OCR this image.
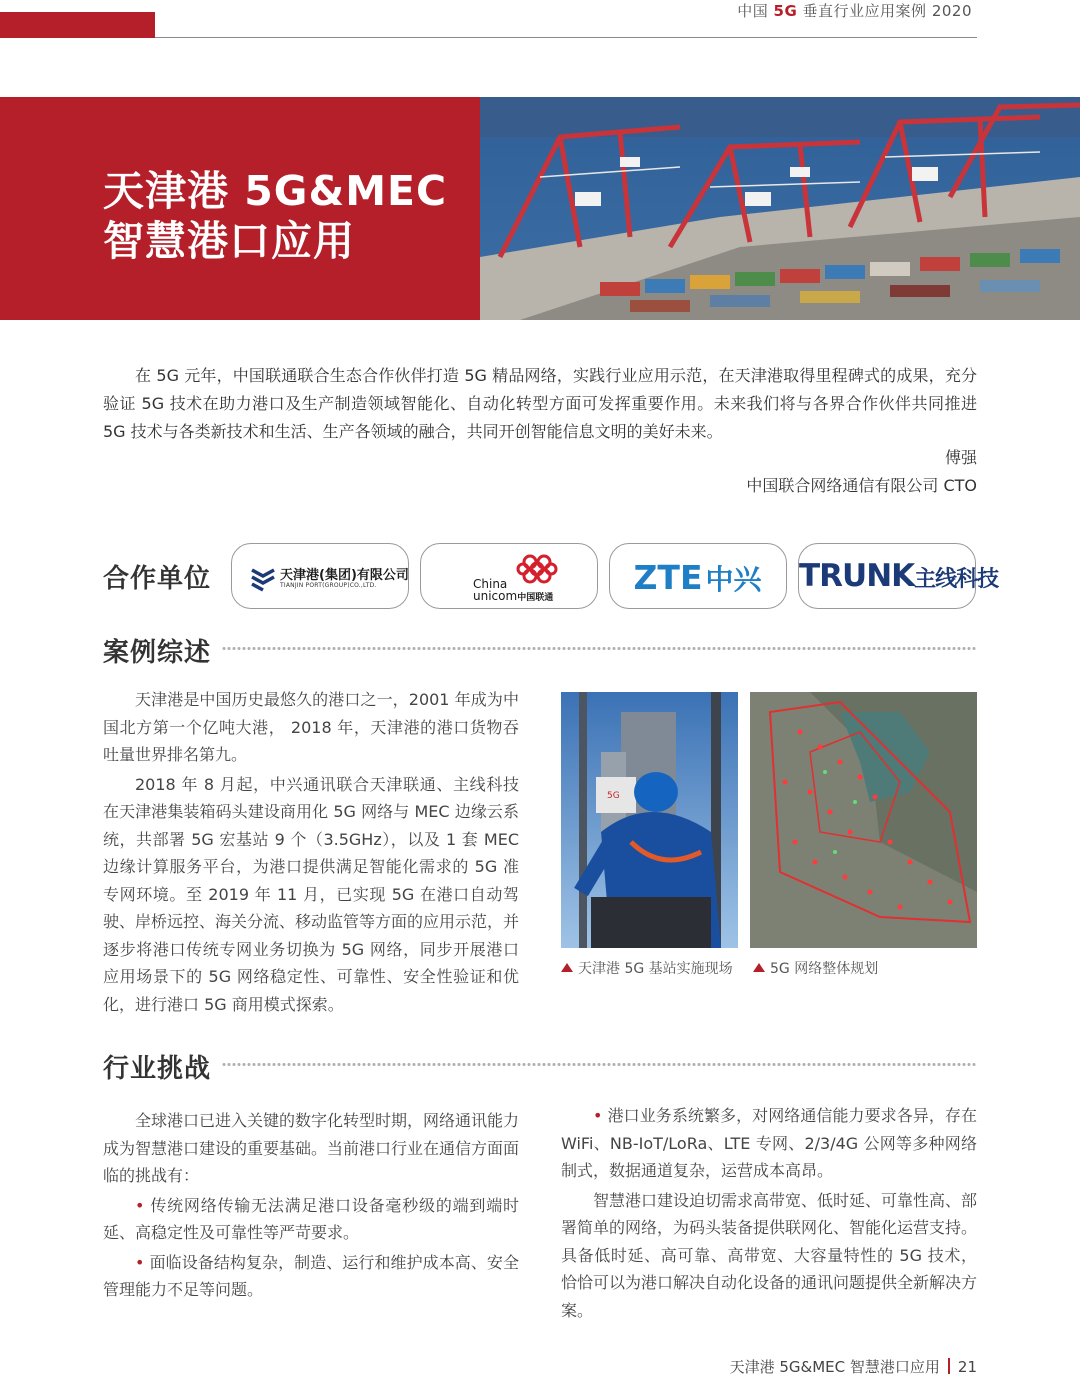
中国 5G 垂直行业应用案例 2020
天津港 5G&MEC
智慧港口应用

在 5G 元年，中国联通联合生态合作伙伴打造 5G 精品网络，实践行业应用示范，在天津港取得里程碑式的成果，充分验证 5G 技术在助力港口及生产制造领域智能化、自动化转型方面可发挥重要作用。未来我们将与各界合作伙伴共同推进 5G 技术与各类新技术和生活、生产各领域的融合，共同开创智能信息文明的美好未来。

傅强
中国联合网络通信有限公司 CTO
合作单位	天津港(集团)有限公司
TIANJIN PORT(GROUP)CO.,LTD.	China
unicom中国联通
ZTE 中兴	TRUNK主线科技
案例综述

天津港是中国历史最悠久的港口之一，2001 年成为中国北方第一个亿吨大港， 2018 年，天津港的港口货物吞吐量世界排名第九。

2018 年 8 月起，中兴通讯联合天津联通、主线科技在天津港集装箱码头建设商用化 5G 网络与 MEC 边缘云系统，共部署 5G 宏基站 9 个（3.5GHz），以及 1 套 MEC 边缘计算服务平台，为港口提供满足智能化需求的 5G 准专网环境。至 2019 年 11 月，已实现 5G 在港口自动驾驶、岸桥远控、海关分流、移动监管等方面的应用示范，并逐步将港口传统专网业务切换为 5G 网络，同步开展港口应用场景下的 5G 网络稳定性、可靠性、安全性验证和优化，进行港口 5G 商用模式探索。

5G
天津港 5G 基站实施现场	5G 网络整体规划
行业挑战

全球港口已进入关键的数字化转型时期，网络通讯能力成为智慧港口建设的重要基础。当前港口行业在通信方面面临的挑战有：

• 传统网络传输无法满足港口设备毫秒级的端到端时延、高稳定性及可靠性等严苛要求。

• 面临设备结构复杂，制造、运行和维护成本高、安全管理能力不足等问题。

• 港口业务系统繁多，对网络通信能力要求各异，存在 WiFi、NB-IoT/LoRa、LTE 专网、2/3/4G 公网等多种网络制式，数据通道复杂，运营成本高昂。

智慧港口建设迫切需求高带宽、低时延、可靠性高、部署简单的网络，为码头装备提供联网化、智能化运营支持。具备低时延、高可靠、高带宽、大容量特性的 5G 技术，恰恰可以为港口解决自动化设备的通讯问题提供全新解决方案。

天津港 5G&MEC 智慧港口应用 21
